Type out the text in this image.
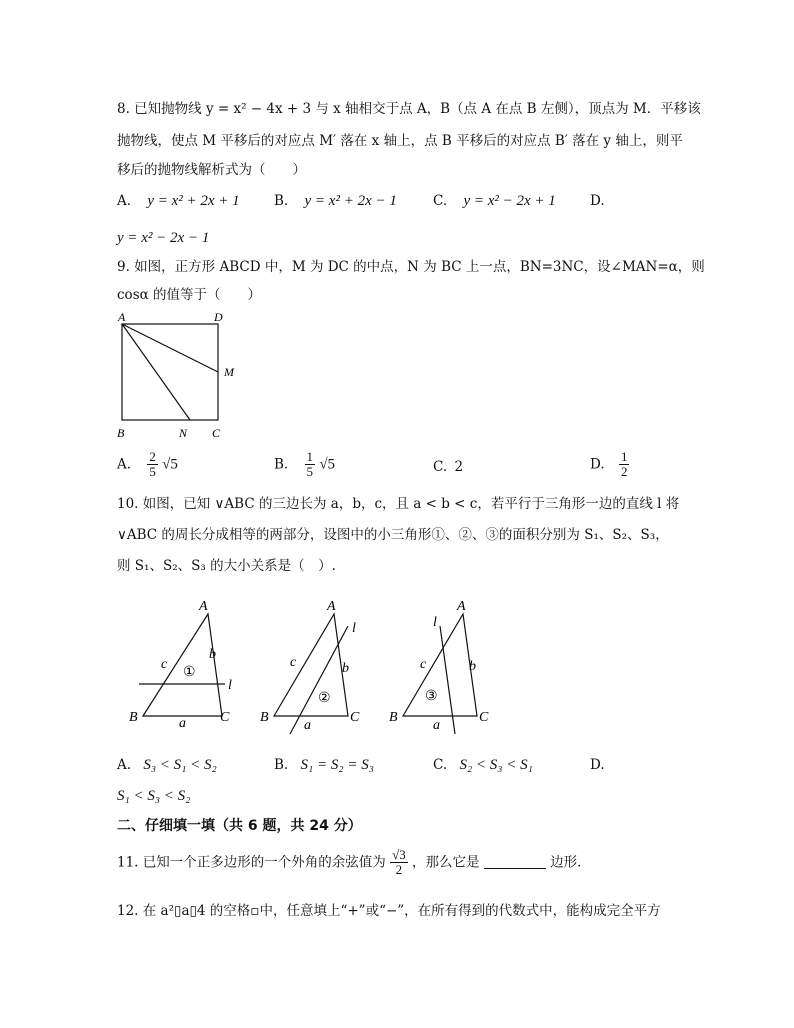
8. 已知抛物线 y = x² − 4x + 3 与 x 轴相交于点 A，B（点 A 在点 B 左侧），顶点为 M．平移该
抛物线，使点 M 平移后的对应点 M′ 落在 x 轴上，点 B 平移后的对应点 B′ 落在 y 轴上，则平
移后的抛物线解析式为（　　）
A. y = x² + 2x + 1	B. y = x² + 2x − 1	C. y = x² − 2x + 1	D.
y = x² − 2x − 1
9. 如图，正方形 ABCD 中，M 为 DC 的中点，N 为 BC 上一点，BN=3NC，设∠MAN=α，则
cosα 的值等于（　　）
A	D
M
B	N C
A. $\frac{2}{5} √5$	B. $\frac{1}{5} √5$	C. 2	D. $\frac{1}{2}$
10. 如图，已知 ∨ABC 的三边长为 a，b，c，且 a < b < c，若平行于三角形一边的直线 l 将
∨ABC 的周长分成相等的两部分，设图中的小三角形①、②、③的面积分别为 S₁、S₂、S₃，
则 S₁、S₂、S₃ 的大小关系是（　）.
A
B	C
c
b
a
l
①
A
B	C
c	b
a
l
②
A
B	C
c	b
a
l
③
A. S₃ < S₁ < S₂	B. S₁ = S₂ = S₃	C. S₂ < S₃ < S₁	D.
S₁ < S₃ < S₂
二、仔细填一填（共 6 题，共 24 分）
11. 已知一个正多边形的一个外角的余弦值为 $\frac{√3}{2}$ ，那么它是	边形．
12. 在 a²▯a▯4 的空格▫中，任意填上“+”或“−”，在所有得到的代数式中，能构成完全平方
